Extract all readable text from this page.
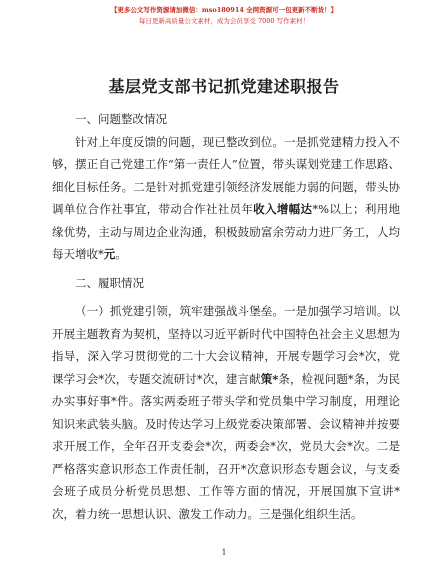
【更多公文写作资源请加微信：mso180914 全网资源可一包更新不断货！】
每日更新高质量公文素材，成为会员享受 7000 写作素材！
基层党支部书记抓党建述职报告

一、问题整改情况

针对上年度反馈的问题，现已整改到位。一是抓党建精力投入不够，摆正自己党建工作“第一责任人”位置，带头谋划党建工作思路、细化目标任务。二是针对抓党建引领经济发展能力弱的问题，带头协调单位合作社事宜，带动合作社社员年收入增幅达*%以上；利用地缘优势，主动与周边企业沟通，积极鼓励富余劳动力进厂务工，人均每天增收*元。

二、履职情况

（一）抓党建引领，筑牢建强战斗堡垒。一是加强学习培训。以开展主题教育为契机，坚持以习近平新时代中国特色社会主义思想为指导，深入学习贯彻党的二十大会议精神，开展专题学习会*次，党课学习会*次，专题交流研讨*次，建言献策*条，检视问题*条，为民办实事好事*件。落实两委班子带头学和党员集中学习制度，用理论知识来武装头脑。及时传达学习上级党委决策部署、会议精神并按要求开展工作，全年召开支委会*次，两委会*次，党员大会*次。二是严格落实意识形态工作责任制，召开*次意识形态专题会议，与支委会班子成员分析党员思想、工作等方面的情况，开展国旗下宣讲*次，着力统一思想认识、激发工作动力。三是强化组织生活。

1
